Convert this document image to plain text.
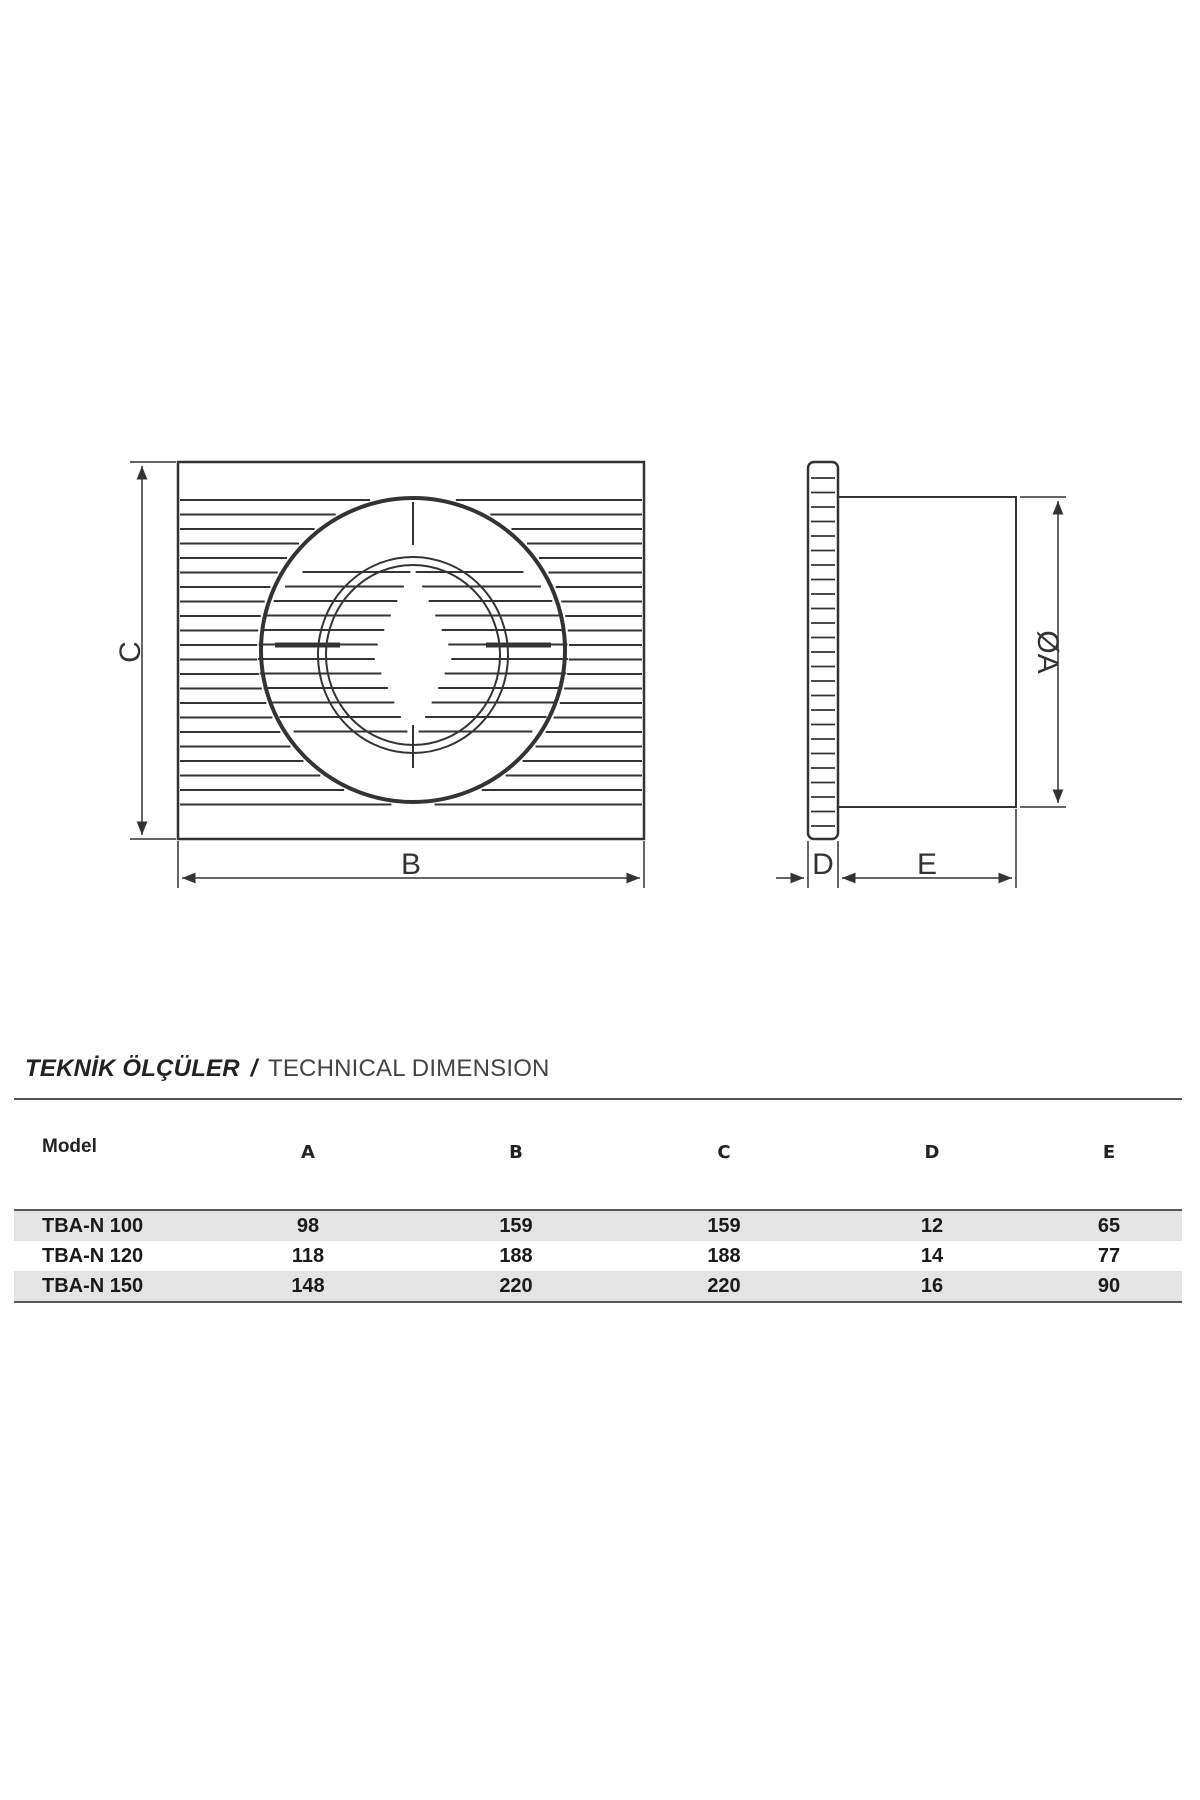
C
B
ØA
D	E
TEKNİK ÖLÇÜLER / TECHNICAL DIMENSION
Model	A	B	C	D	E
TBA-N 100	98	159	159	12	65
TBA-N 120	118	188	188	14	77
TBA-N 150	148	220	220	16	90
